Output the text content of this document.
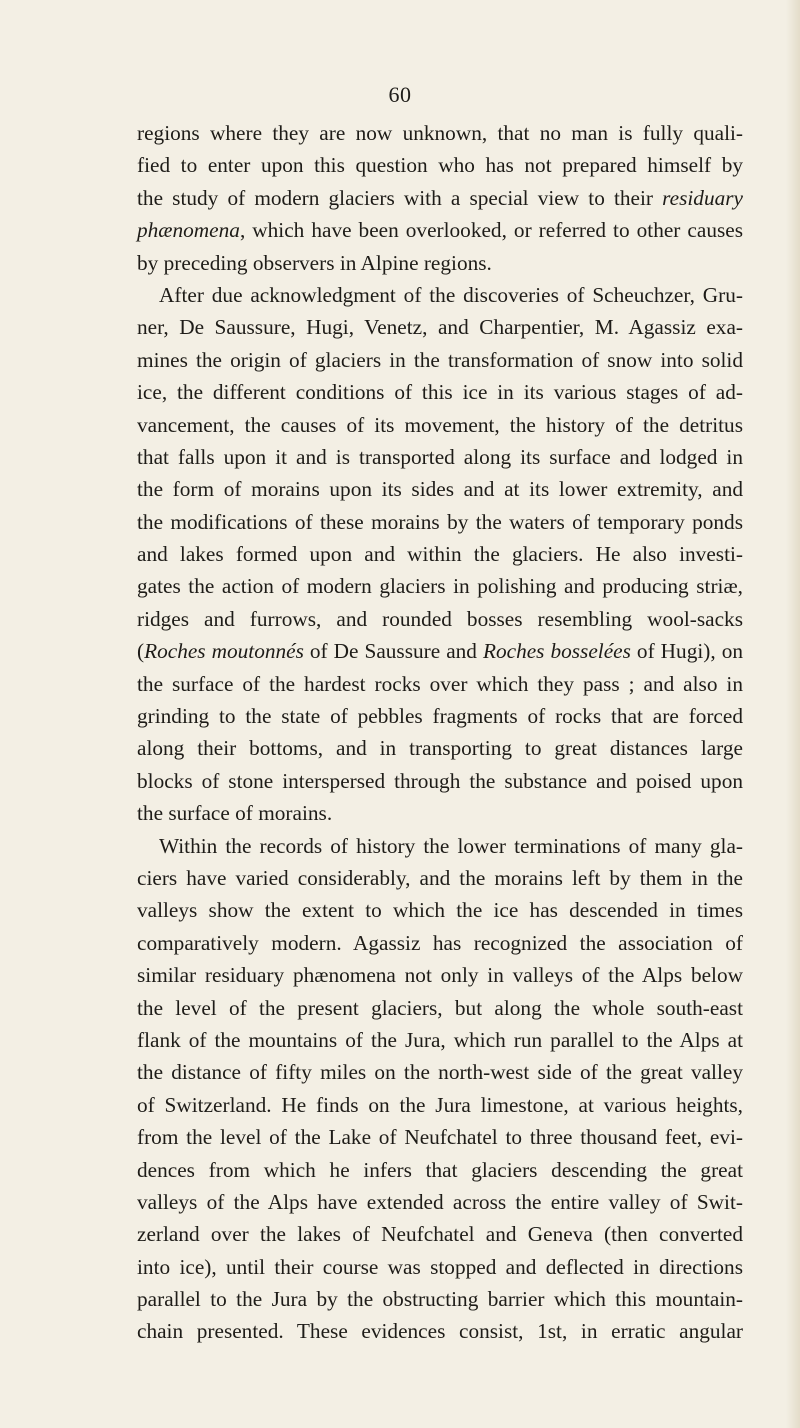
60
regions where they are now unknown, that no man is fully quali-
fied to enter upon this question who has not prepared himself by
the study of modern glaciers with a special view to their residuary
phænomena, which have been overlooked, or referred to other causes
by preceding observers in Alpine regions.
After due acknowledgment of the discoveries of Scheuchzer, Gru-
ner, De Saussure, Hugi, Venetz, and Charpentier, M. Agassiz exa-
mines the origin of glaciers in the transformation of snow into solid
ice, the different conditions of this ice in its various stages of ad-
vancement, the causes of its movement, the history of the detritus
that falls upon it and is transported along its surface and lodged in
the form of morains upon its sides and at its lower extremity, and
the modifications of these morains by the waters of temporary ponds
and lakes formed upon and within the glaciers. He also investi-
gates the action of modern glaciers in polishing and producing striæ,
ridges and furrows, and rounded bosses resembling wool-sacks
(Roches moutonnés of De Saussure and Roches bosselées of Hugi), on
the surface of the hardest rocks over which they pass ; and also in
grinding to the state of pebbles fragments of rocks that are forced
along their bottoms, and in transporting to great distances large
blocks of stone interspersed through the substance and poised upon
the surface of morains.
Within the records of history the lower terminations of many gla-
ciers have varied considerably, and the morains left by them in the
valleys show the extent to which the ice has descended in times
comparatively modern. Agassiz has recognized the association of
similar residuary phænomena not only in valleys of the Alps below
the level of the present glaciers, but along the whole south-east
flank of the mountains of the Jura, which run parallel to the Alps at
the distance of fifty miles on the north-west side of the great valley
of Switzerland. He finds on the Jura limestone, at various heights,
from the level of the Lake of Neufchatel to three thousand feet, evi-
dences from which he infers that glaciers descending the great
valleys of the Alps have extended across the entire valley of Swit-
zerland over the lakes of Neufchatel and Geneva (then converted
into ice), until their course was stopped and deflected in directions
parallel to the Jura by the obstructing barrier which this mountain-
chain presented. These evidences consist, 1st, in erratic angular
